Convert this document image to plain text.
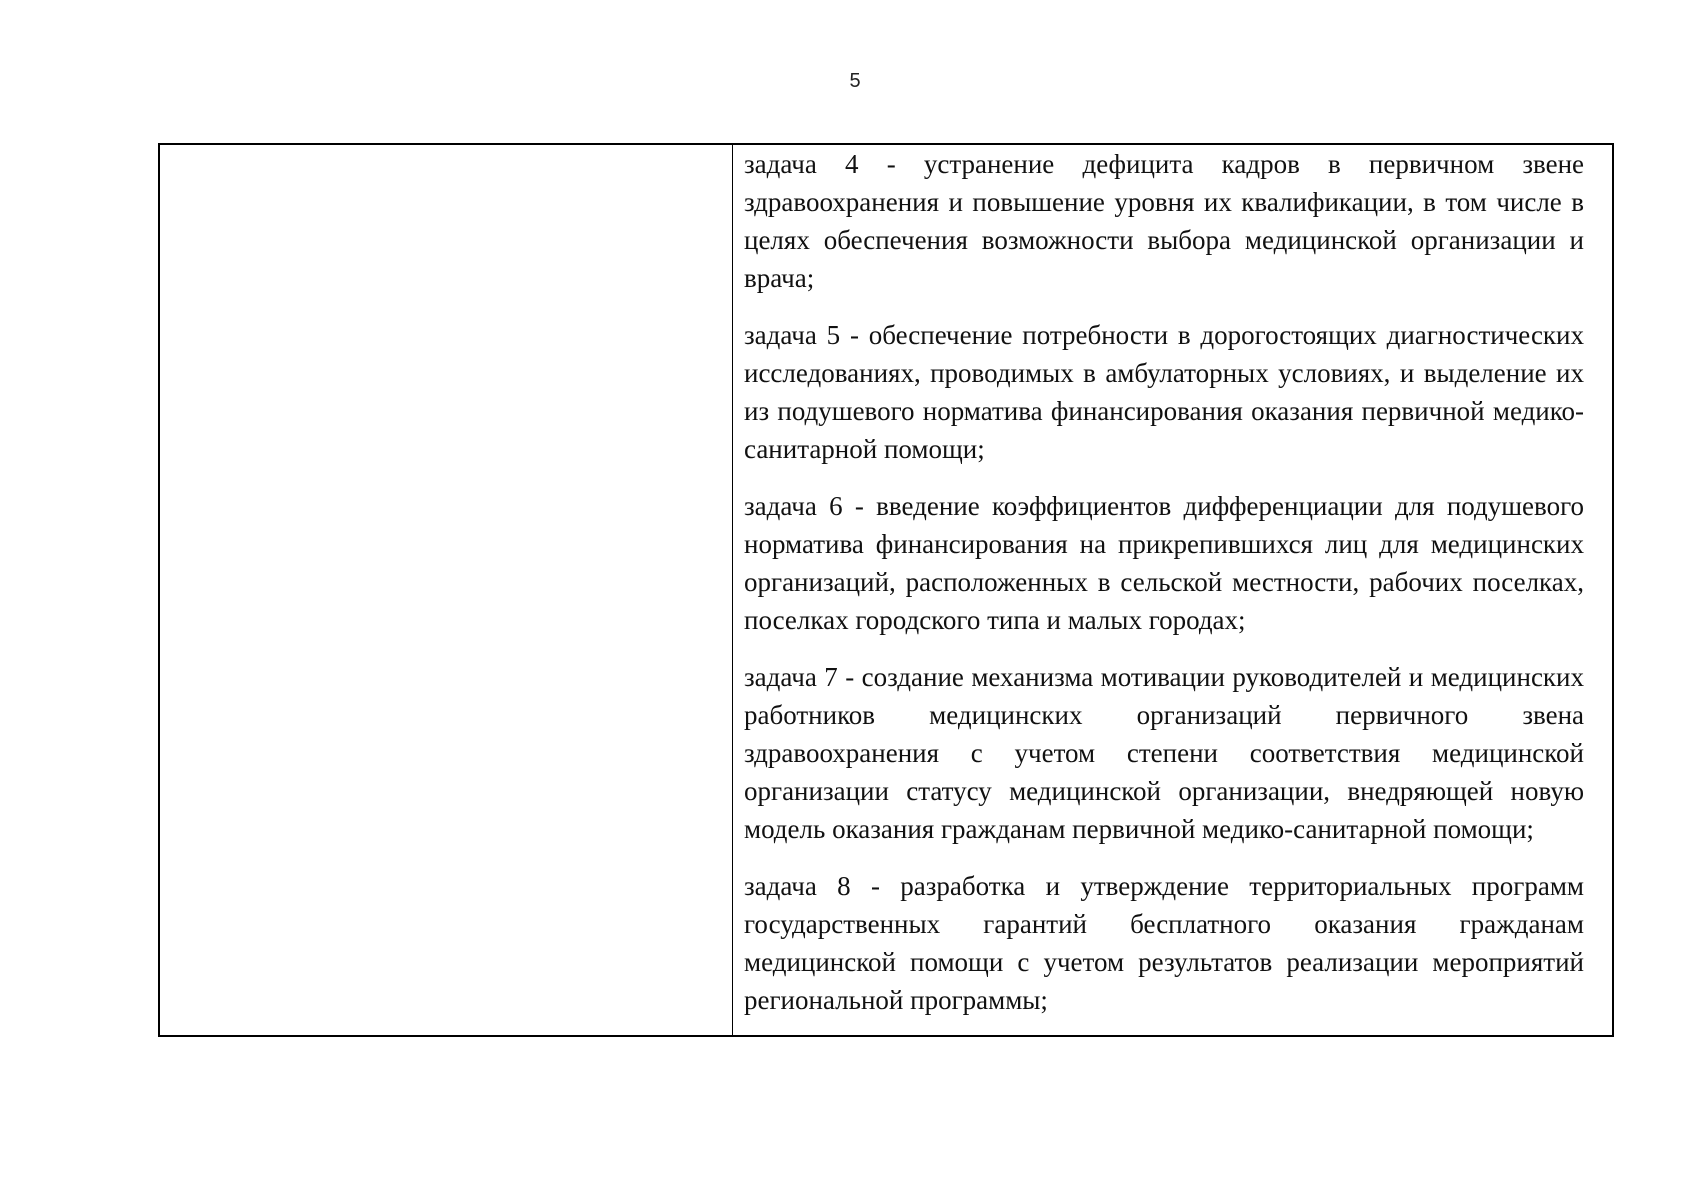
5

задача 4 - устранение дефицита кадров в первичном звене здравоохранения и повышение уровня их квалификации, в том числе в целях обеспечения возможности выбора медицинской организации и врача;

задача 5 - обеспечение потребности в дорогостоящих диагностических исследованиях, проводимых в амбулаторных условиях, и выделение их из подушевого норматива финансирования оказания первичной медико-санитарной помощи;

задача 6 - введение коэффициентов дифференциации для подушевого норматива финансирования на прикрепившихся лиц для медицинских организаций, расположенных в сельской местности, рабочих поселках, поселках городского типа и малых городах;

задача 7 - создание механизма мотивации руководителей и медицинских работников медицинских организаций первичного звена здравоохранения с учетом степени соответствия медицинской организации статусу медицинской организации, внедряющей новую модель оказания гражданам первичной медико-санитарной помощи;

задача 8 - разработка и утверждение территориальных программ государственных гарантий бесплатного оказания гражданам медицинской помощи с учетом результатов реализации мероприятий региональной программы;
